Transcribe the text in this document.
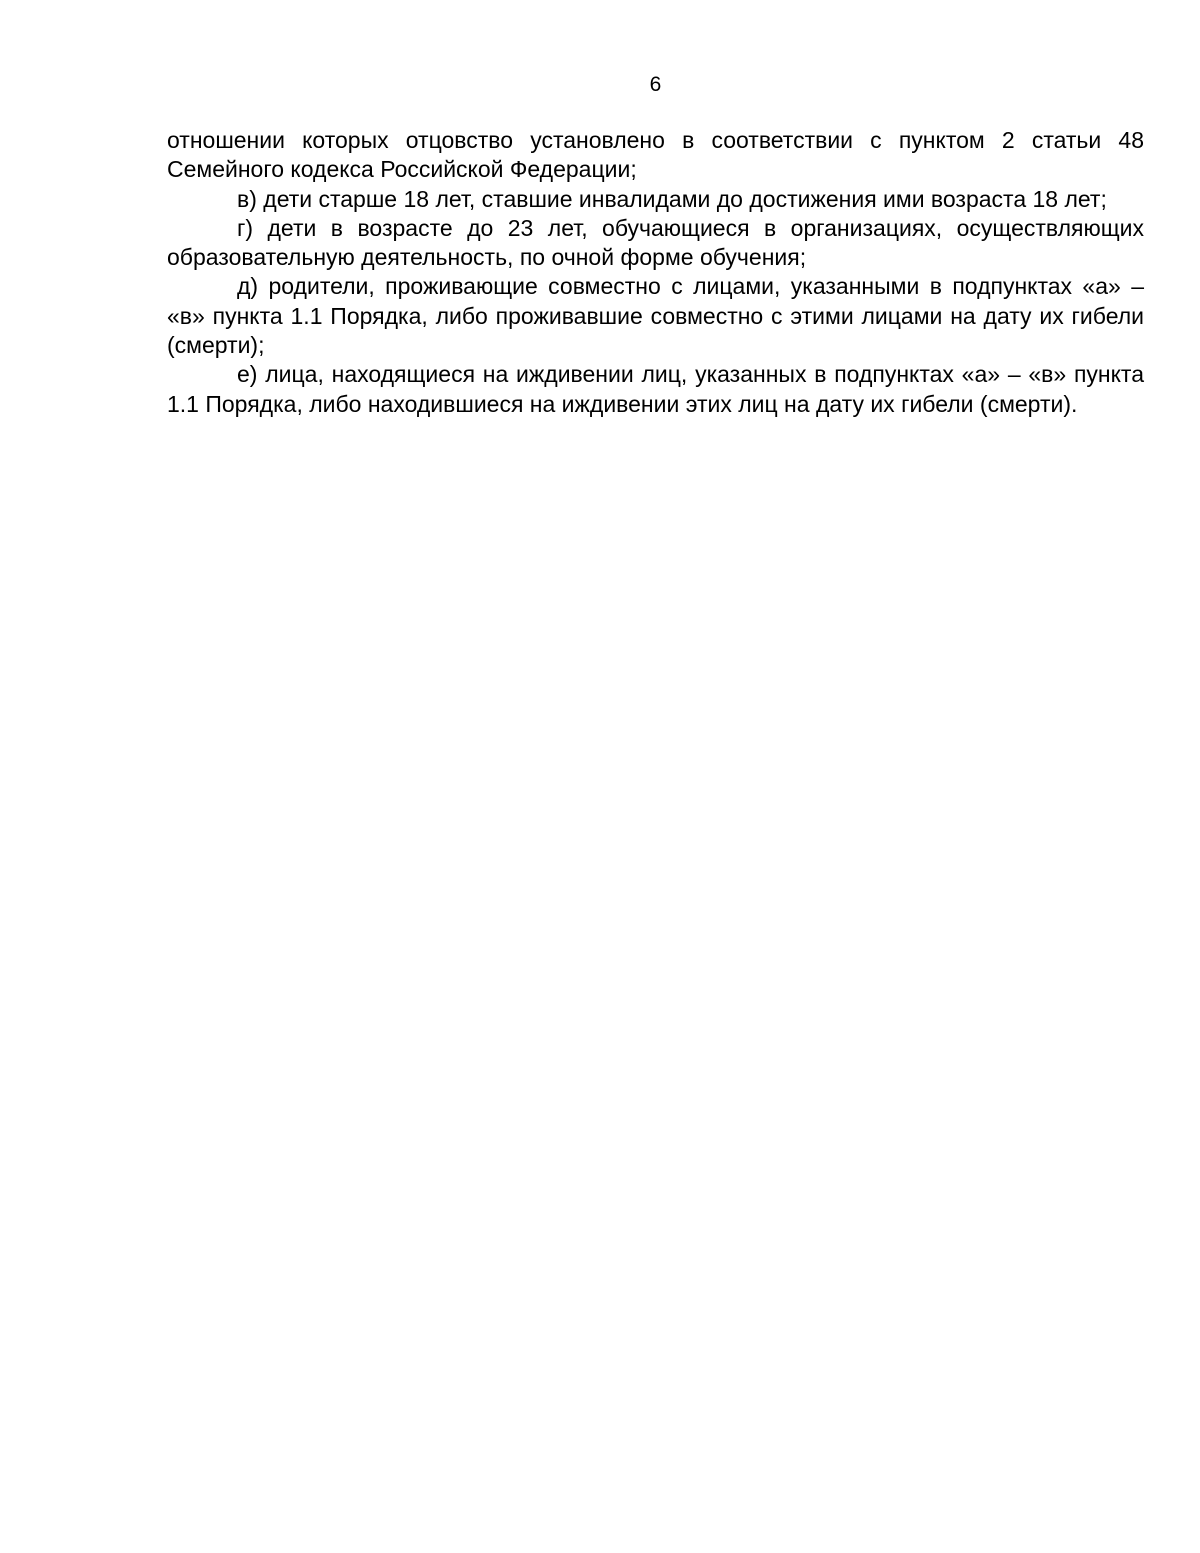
6

отношении которых отцовство установлено в соответствии с пунктом 2 статьи 48 Семейного кодекса Российской Федерации;

в) дети старше 18 лет, ставшие инвалидами до достижения ими возраста 18 лет;

г) дети в возрасте до 23 лет, обучающиеся в организациях, осуществляющих образовательную деятельность, по очной форме обучения;

д) родители, проживающие совместно с лицами, указанными в подпунктах «а» – «в» пункта 1.1 Порядка, либо проживавшие совместно с этими лицами на дату их гибели (смерти);

е) лица, находящиеся на иждивении лиц, указанных в подпунктах «а» – «в» пункта 1.1 Порядка, либо находившиеся на иждивении этих лиц на дату их гибели (смерти).
